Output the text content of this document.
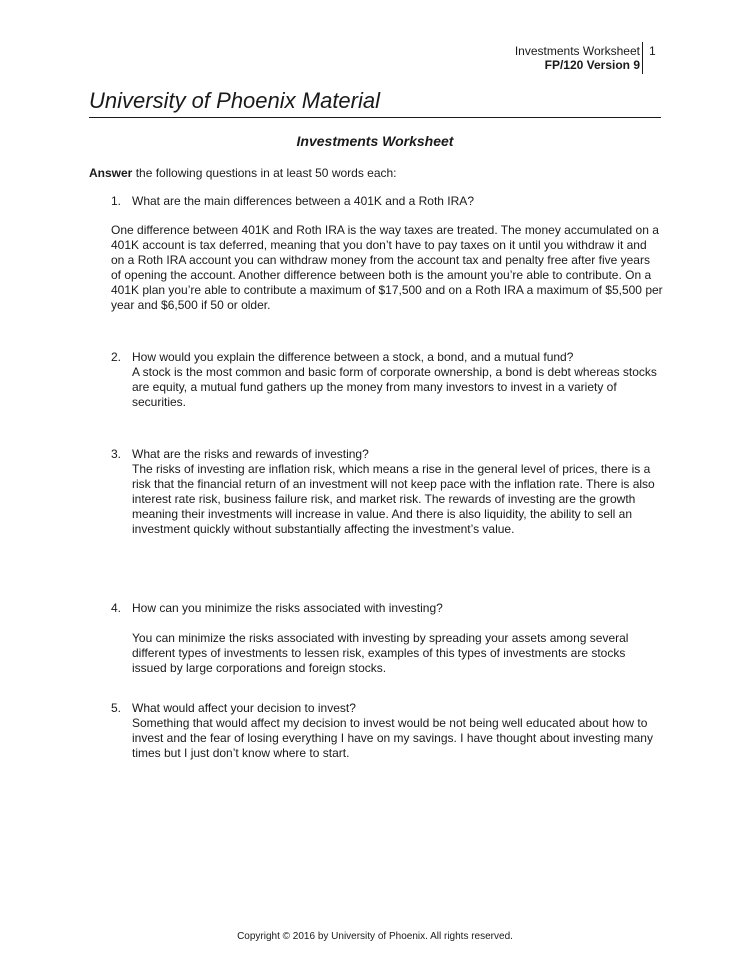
Investments Worksheet
FP/120 Version 9
1
University of Phoenix Material
Investments Worksheet
Answer the following questions in at least 50 words each:
1. What are the main differences between a 401K and a Roth IRA?
One difference between 401K and Roth IRA is the way taxes are treated. The money accumulated on a 401K account is tax deferred, meaning that you don’t have to pay taxes on it until you withdraw it and on a Roth IRA account you can withdraw money from the account tax and penalty free after five years of opening the account. Another difference between both is the amount you’re able to contribute. On a 401K plan you’re able to contribute a maximum of $17,500 and on a Roth IRA a maximum of $5,500 per year and $6,500 if 50 or older.
2. How would you explain the difference between a stock, a bond, and a mutual fund?
A stock is the most common and basic form of corporate ownership, a bond is debt whereas stocks are equity, a mutual fund gathers up the money from many investors to invest in a variety of securities.
3. What are the risks and rewards of investing?
The risks of investing are inflation risk, which means a rise in the general level of prices, there is a risk that the financial return of an investment will not keep pace with the inflation rate. There is also interest rate risk, business failure risk, and market risk. The rewards of investing are the growth meaning their investments will increase in value. And there is also liquidity, the ability to sell an investment quickly without substantially affecting the investment’s value.
4. How can you minimize the risks associated with investing?
You can minimize the risks associated with investing by spreading your assets among several different types of investments to lessen risk, examples of this types of investments are stocks issued by large corporations and foreign stocks.
5. What would affect your decision to invest?
Something that would affect my decision to invest would be not being well educated about how to invest and the fear of losing everything I have on my savings. I have thought about investing many times but I just don’t know where to start.
Copyright © 2016 by University of Phoenix. All rights reserved.
